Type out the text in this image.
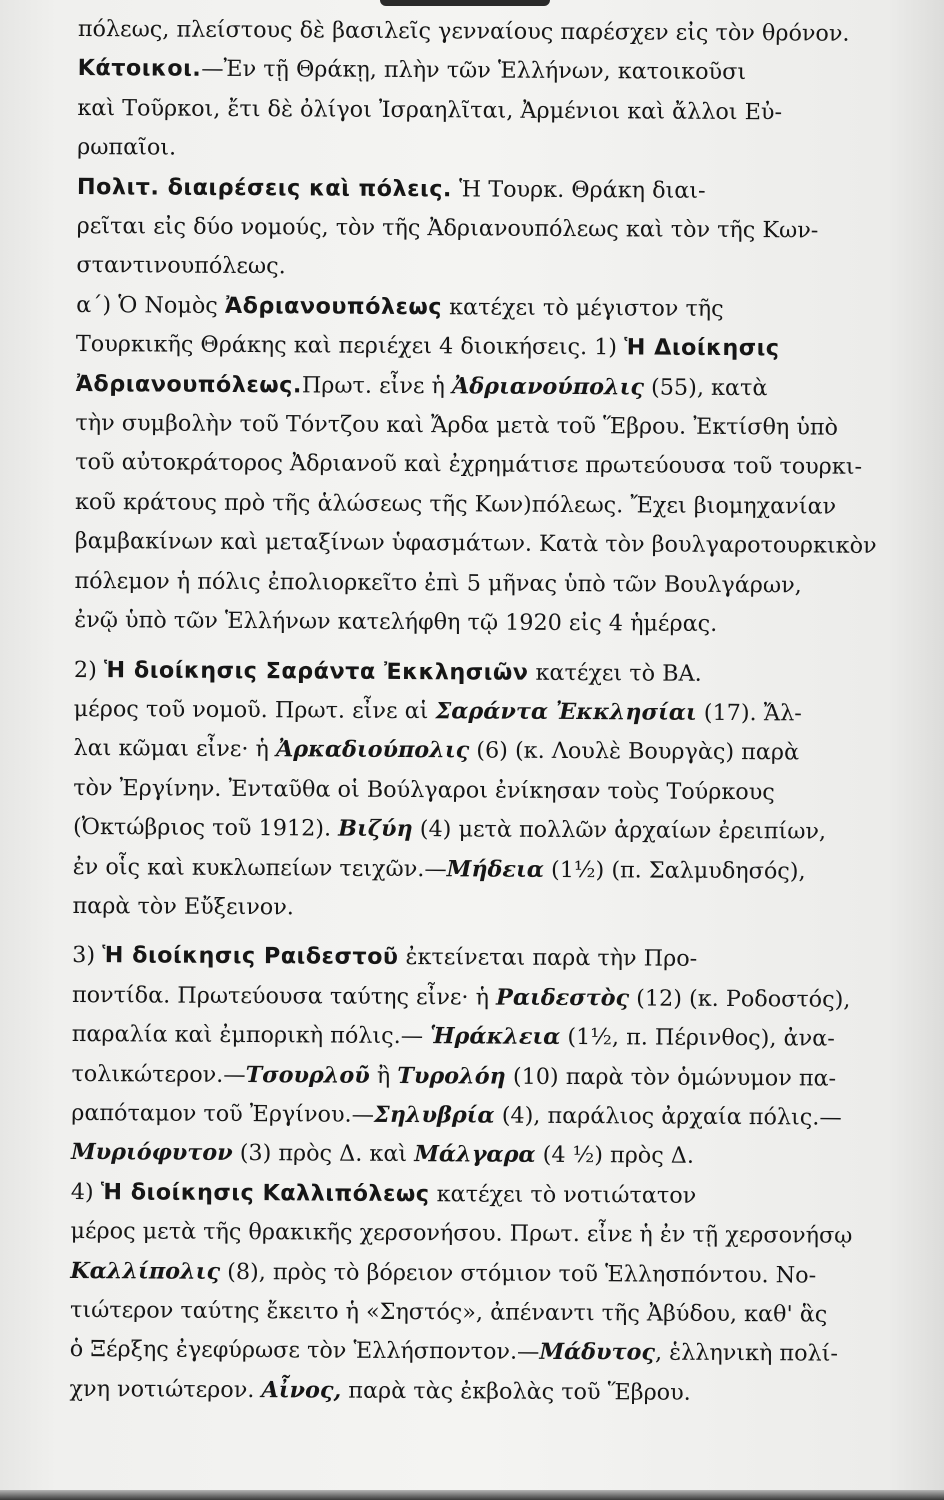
πόλεως, πλείστους δὲ βασιλεῖς γενναίους παρέσχεν εἰς τὸν θρόνον.

Κάτοικοι.—Ἐν τῇ Θράκῃ, πλὴν τῶν Ἑλλήνων, κατοικοῦσι

καὶ Τοῦρκοι, ἔτι δὲ ὀλίγοι Ἰσραηλῖται, Ἀρμένιοι καὶ ἄλλοι Εὐ-

ρωπαῖοι.

Πολιτ. διαιρέσεις καὶ πόλεις. Ἡ Τουρκ. Θράκη διαι-

ρεῖται εἰς δύο νομούς, τὸν τῆς Ἀδριανουπόλεως καὶ τὸν τῆς Κων-

σταντινουπόλεως.

α΄) Ὁ Νομὸς Ἀδριανουπόλεως κατέχει τὸ μέγιστον τῆς

Τουρκικῆς Θράκης καὶ περιέχει 4 διοικήσεις. 1) Ἡ Διοίκησις

Ἀδριανουπόλεως.Πρωτ. εἶνε ἡ Ἀδριανούπολις (55), κατὰ

τὴν συμβολὴν τοῦ Τόντζου καὶ Ἄρδα μετὰ τοῦ Ἕβρου. Ἐκτίσθη ὑπὸ

τοῦ αὐτοκράτορος Ἀδριανοῦ καὶ ἐχρημάτισε πρωτεύουσα τοῦ τουρκι-

κοῦ κράτους πρὸ τῆς ἁλώσεως τῆς Κων)πόλεως. Ἔχει βιομηχανίαν

βαμβακίνων καὶ μεταξίνων ὑφασμάτων. Κατὰ τὸν βουλγαροτουρκικὸν

πόλεμον ἡ πόλις ἐπολιορκεῖτο ἐπὶ 5 μῆνας ὑπὸ τῶν Βουλγάρων,

ἐνῷ ὑπὸ τῶν Ἑλλήνων κατελήφθη τῷ 1920 εἰς 4 ἡμέρας.

2) Ἡ διοίκησις Σαράντα Ἐκκλησιῶν κατέχει τὸ ΒΑ.

μέρος τοῦ νομοῦ. Πρωτ. εἶνε αἱ Σαράντα Ἐκκλησίαι (17). Ἄλ-

λαι κῶμαι εἶνε· ἡ Ἀρκαδιούπολις (6) (κ. Λουλὲ Βουργὰς) παρὰ

τὸν Ἐργίνην. Ἐνταῦθα οἱ Βούλγαροι ἐνίκησαν τοὺς Τούρκους

(Ὀκτώβριος τοῦ 1912). Βιζύη (4) μετὰ πολλῶν ἀρχαίων ἐρειπίων,

ἐν οἷς καὶ κυκλωπείων τειχῶν.—Μήδεια (1½) (π. Σαλμυδησός),

παρὰ τὸν Εὔξεινον.

3) Ἡ διοίκησις Ραιδεστοῦ ἐκτείνεται παρὰ τὴν Προ-

ποντίδα. Πρωτεύουσα ταύτης εἶνε· ἡ Ραιδεστὸς (12) (κ. Ροδοστός),

παραλία καὶ ἐμπορικὴ πόλις.— Ἡράκλεια (1½, π. Πέρινθος), ἀνα-

τολικώτερον.—Τσουρλοῦ ἢ Τυρολόη (10) παρὰ τὸν ὁμώνυμον πα-

ραπόταμον τοῦ Ἐργίνου.—Σηλυβρία (4), παράλιος ἀρχαία πόλις.—

Μυριόφυτον (3) πρὸς Δ. καὶ Μάλγαρα (4 ½) πρὸς Δ.

4) Ἡ διοίκησις Καλλιπόλεως κατέχει τὸ νοτιώτατον

μέρος μετὰ τῆς θρακικῆς χερσονήσου. Πρωτ. εἶνε ἡ ἐν τῇ χερσονήσῳ

Καλλίπολις (8), πρὸς τὸ βόρειον στόμιον τοῦ Ἑλλησπόντου. Νο-

τιώτερον ταύτης ἔκειτο ἡ «Σηστός», ἀπέναντι τῆς Ἀβύδου, καθ' ἃς

ὁ Ξέρξης ἐγεφύρωσε τὸν Ἑλλήσποντον.—Μάδυτος, ἑλληνικὴ πολί-

χνη νοτιώτερον. Αἶνος, παρὰ τὰς ἐκβολὰς τοῦ Ἕβρου.
